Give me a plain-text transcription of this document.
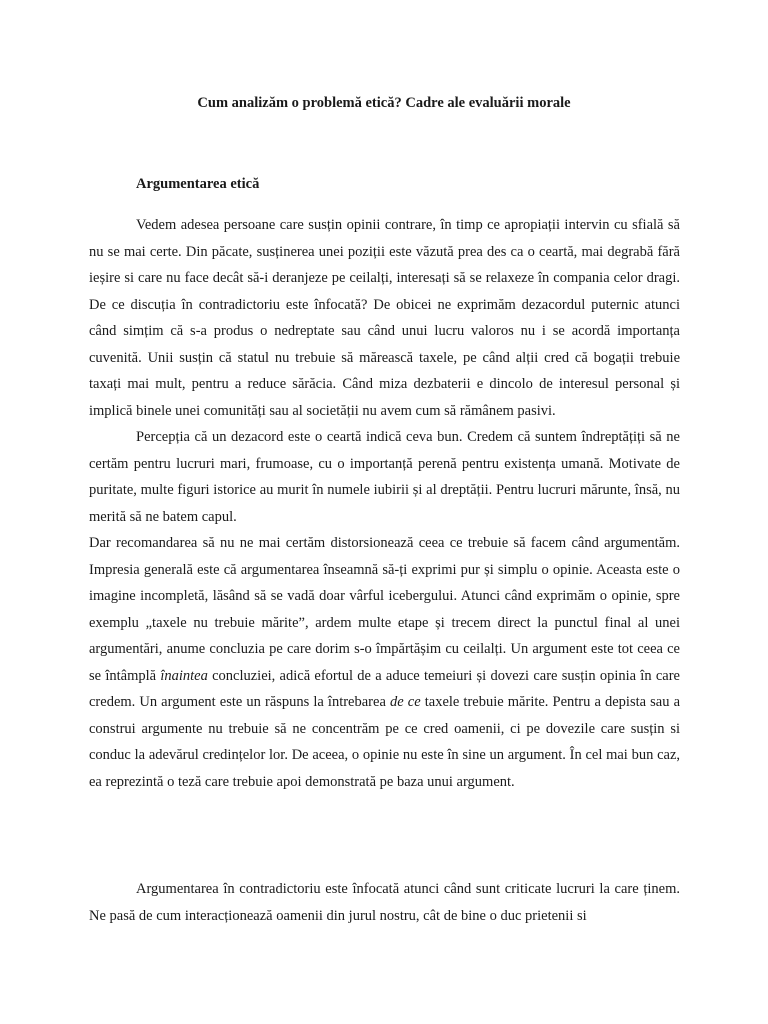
Cum analizăm o problemă etică? Cadre ale evaluării morale
Argumentarea etică

Vedem adesea persoane care susțin opinii contrare, în timp ce apropiații intervin cu sfială să nu se mai certe. Din păcate, susținerea unei poziții este văzută prea des ca o ceartă, mai degrabă fără ieșire si care nu face decât să-i deranjeze pe ceilalți, interesați să se relaxeze în compania celor dragi. De ce discuția în contradictoriu este înfocată? De obicei ne exprimăm dezacordul puternic atunci când simțim că s-a produs o nedreptate sau când unui lucru valoros nu i se acordă importanța cuvenită. Unii susțin că statul nu trebuie să mărească taxele, pe când alții cred că bogații trebuie taxați mai mult, pentru a reduce sărăcia. Când miza dezbaterii e dincolo de interesul personal și implică binele unei comunități sau al societății nu avem cum să rămânem pasivi.

Percepția că un dezacord este o ceartă indică ceva bun. Credem că suntem îndreptățiți să ne certăm pentru lucruri mari, frumoase, cu o importanță perenă pentru existența umană. Motivate de puritate, multe figuri istorice au murit în numele iubirii și al dreptății. Pentru lucruri mărunte, însă, nu merită să ne batem capul.

Dar recomandarea să nu ne mai certăm distorsionează ceea ce trebuie să facem când argumentăm. Impresia generală este că argumentarea înseamnă să-ți exprimi pur și simplu o opinie. Aceasta este o imagine incompletă, lăsând să se vadă doar vârful icebergului. Atunci când exprimăm o opinie, spre exemplu „taxele nu trebuie mărite”, ardem multe etape și trecem direct la punctul final al unei argumentări, anume concluzia pe care dorim s-o împărtășim cu ceilalți. Un argument este tot ceea ce se întâmplă înaintea concluziei, adică efortul de a aduce temeiuri și dovezi care susțin opinia în care credem. Un argument este un răspuns la întrebarea de ce taxele trebuie mărite. Pentru a depista sau a construi argumente nu trebuie să ne concentrăm pe ce cred oamenii, ci pe dovezile care susțin si conduc la adevărul credințelor lor. De aceea, o opinie nu este în sine un argument. În cel mai bun caz, ea reprezintă o teză care trebuie apoi demonstrată pe baza unui argument.

Argumentarea în contradictoriu este înfocată atunci când sunt criticate lucruri la care ținem. Ne pasă de cum interacționează oamenii din jurul nostru, cât de bine o duc prietenii si
